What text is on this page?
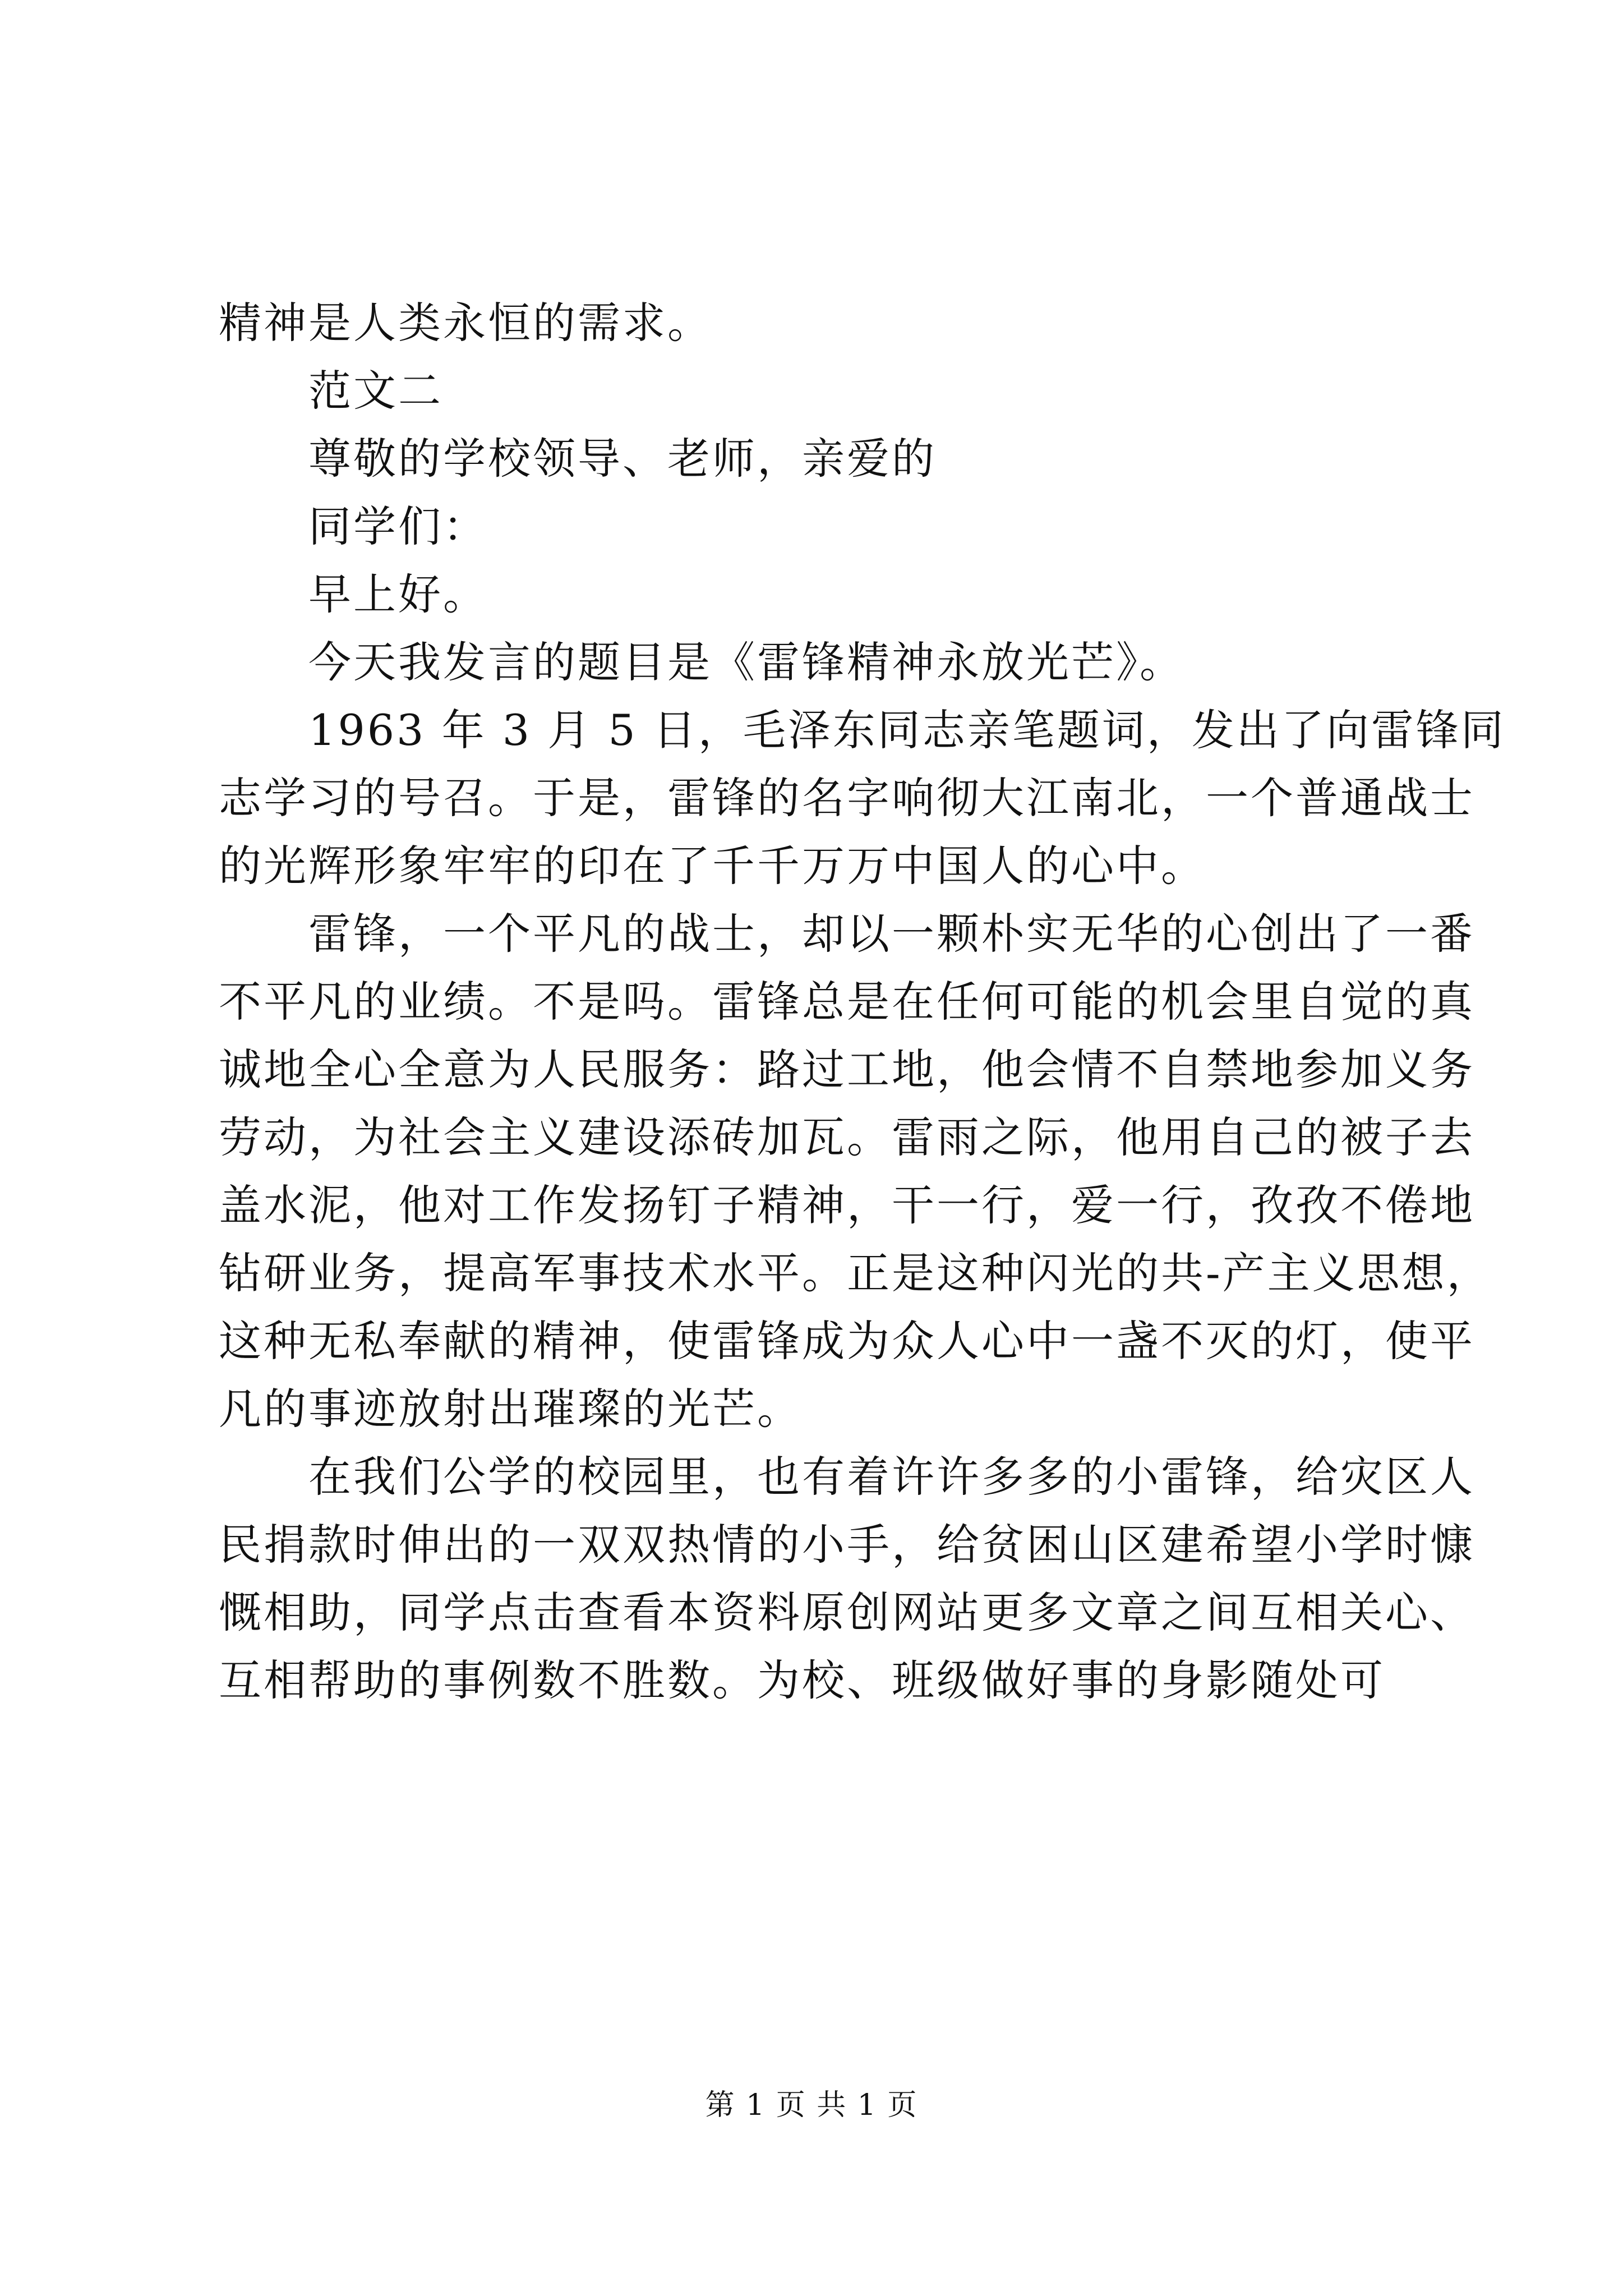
精神是人类永恒的需求。
范文二
尊敬的学校领导、老师，亲爱的
同学们：
早上好。
今天我发言的题目是《雷锋精神永放光芒》。
1963 年 3 月 5 日，毛泽东同志亲笔题词，发出了向雷锋同
志学习的号召。于是，雷锋的名字响彻大江南北，一个普通战士
的光辉形象牢牢的印在了千千万万中国人的心中。
雷锋，一个平凡的战士，却以一颗朴实无华的心创出了一番
不平凡的业绩。不是吗。雷锋总是在任何可能的机会里自觉的真
诚地全心全意为人民服务：路过工地，他会情不自禁地参加义务
劳动，为社会主义建设添砖加瓦。雷雨之际，他用自己的被子去
盖水泥，他对工作发扬钉子精神，干一行，爱一行，孜孜不倦地
钻研业务，提高军事技术水平。正是这种闪光的共-产主义思想，
这种无私奉献的精神，使雷锋成为众人心中一盏不灭的灯，使平
凡的事迹放射出璀璨的光芒。
在我们公学的校园里，也有着许许多多的小雷锋，给灾区人
民捐款时伸出的一双双热情的小手，给贫困山区建希望小学时慷
慨相助，同学点击查看本资料原创网站更多文章之间互相关心、
互相帮助的事例数不胜数。为校、班级做好事的身影随处可
第 1 页 共 1 页
